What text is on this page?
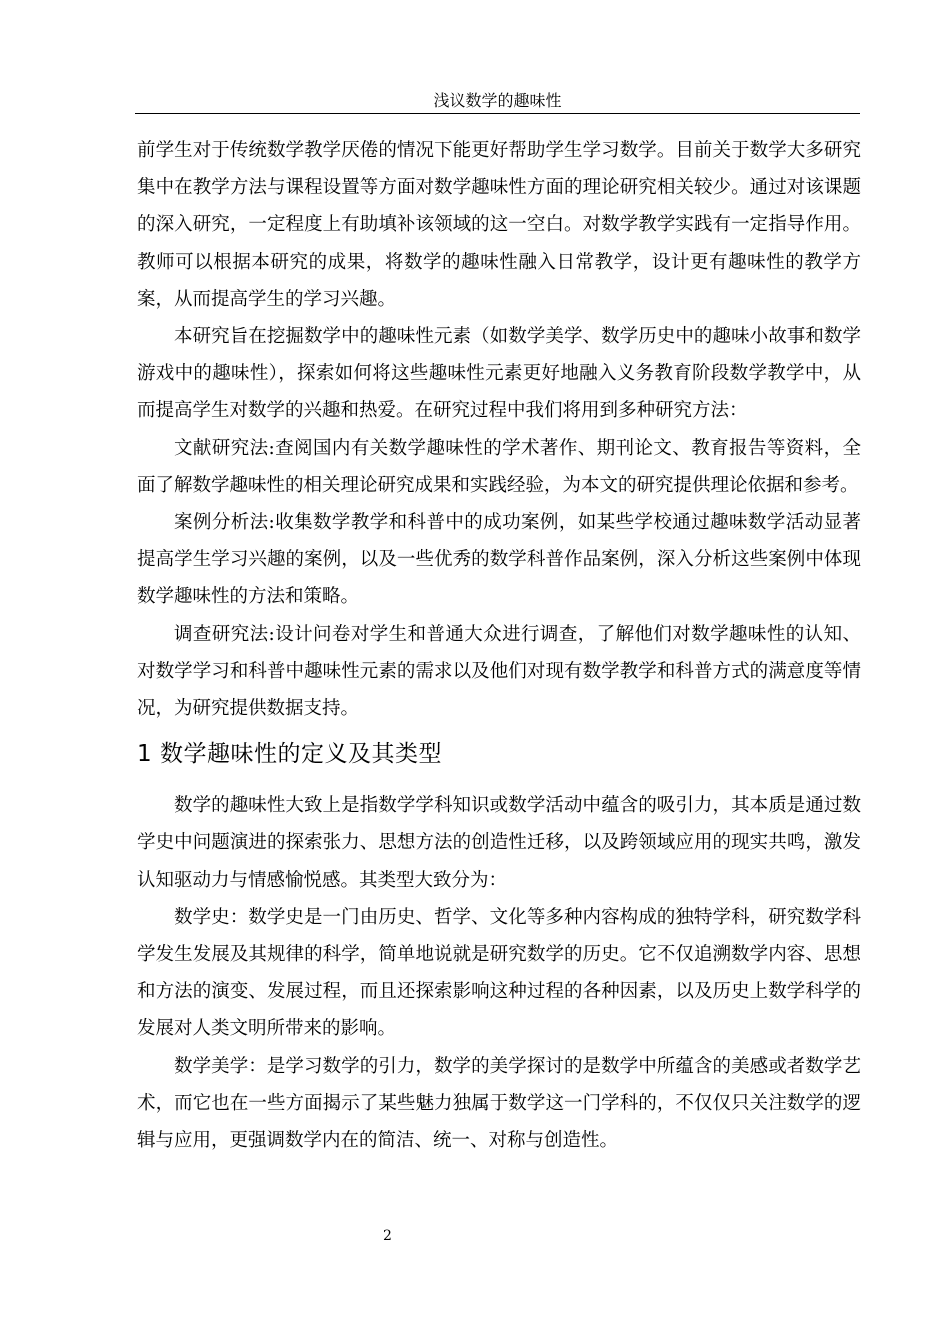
浅议数学的趣味性

前学生对于传统数学教学厌倦的情况下能更好帮助学生学习数学。目前关于数学大多研究集中在教学方法与课程设置等方面对数学趣味性方面的理论研究相关较少。通过对该课题的深入研究，一定程度上有助填补该领域的这一空白。对数学教学实践有一定指导作用。教师可以根据本研究的成果，将数学的趣味性融入日常教学，设计更有趣味性的教学方案，从而提高学生的学习兴趣。

本研究旨在挖掘数学中的趣味性元素（如数学美学、数学历史中的趣味小故事和数学游戏中的趣味性），探索如何将这些趣味性元素更好地融入义务教育阶段数学教学中，从而提高学生对数学的兴趣和热爱。在研究过程中我们将用到多种研究方法：

文献研究法:查阅国内有关数学趣味性的学术著作、期刊论文、教育报告等资料，全面了解数学趣味性的相关理论研究成果和实践经验，为本文的研究提供理论依据和参考。

案例分析法:收集数学教学和科普中的成功案例，如某些学校通过趣味数学活动显著提高学生学习兴趣的案例，以及一些优秀的数学科普作品案例，深入分析这些案例中体现数学趣味性的方法和策略。

调查研究法:设计问卷对学生和普通大众进行调查，了解他们对数学趣味性的认知、对数学学习和科普中趣味性元素的需求以及他们对现有数学教学和科普方式的满意度等情况，为研究提供数据支持。

1 数学趣味性的定义及其类型

数学的趣味性大致上是指数学学科知识或数学活动中蕴含的吸引力，其本质是通过数学史中问题演进的探索张力、思想方法的创造性迁移，以及跨领域应用的现实共鸣，激发认知驱动力与情感愉悦感。其类型大致分为：

数学史：数学史是一门由历史、哲学、文化等多种内容构成的独特学科，研究数学科学发生发展及其规律的科学，简单地说就是研究数学的历史。它不仅追溯数学内容、思想和方法的演变、发展过程，而且还探索影响这种过程的各种因素，以及历史上数学科学的发展对人类文明所带来的影响。

数学美学：是学习数学的引力，数学的美学探讨的是数学中所蕴含的美感或者数学艺术，而它也在一些方面揭示了某些魅力独属于数学这一门学科的，不仅仅只关注数学的逻辑与应用，更强调数学内在的简洁、统一、对称与创造性。

2
